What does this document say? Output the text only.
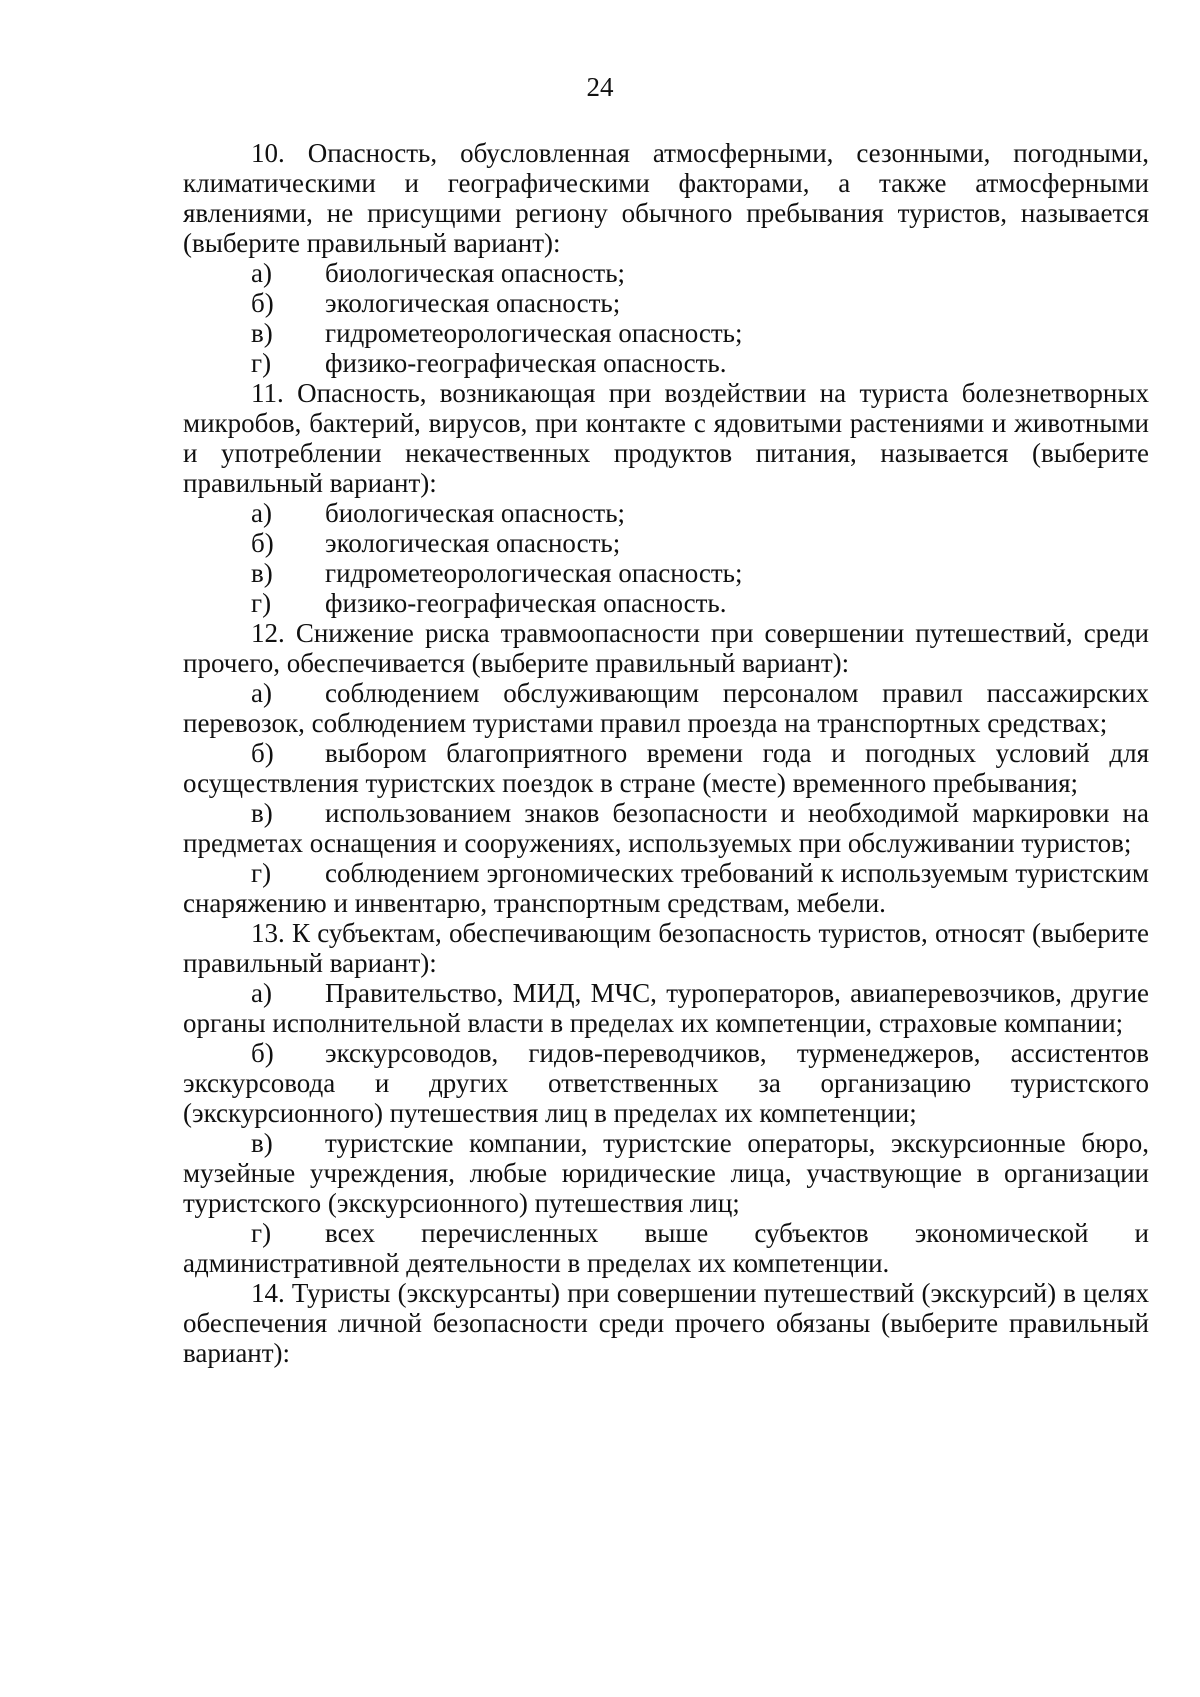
24

10. Опасность, обусловленная атмосферными, сезонными, погодными, климатическими и географическими факторами, а также атмосферными явлениями, не присущими региону обычного пребывания туристов, называется (выберите правильный вариант):

а) биологическая опасность;

б) экологическая опасность;

в) гидрометеорологическая опасность;

г) физико-географическая опасность.

11. Опасность, возникающая при воздействии на туриста болезнетворных микробов, бактерий, вирусов, при контакте с ядовитыми растениями и животными и употреблении некачественных продуктов питания, называется (выберите правильный вариант):

а) биологическая опасность;

б) экологическая опасность;

в) гидрометеорологическая опасность;

г) физико-географическая опасность.

12. Снижение риска травмоопасности при совершении путешествий, среди прочего, обеспечивается (выберите правильный вариант):

а) соблюдением обслуживающим персоналом правил пассажирских перевозок, соблюдением туристами правил проезда на транспортных средствах;

б) выбором благоприятного времени года и погодных условий для осуществления туристских поездок в стране (месте) временного пребывания;

в) использованием знаков безопасности и необходимой маркировки на предметах оснащения и сооружениях, используемых при обслуживании туристов;

г) соблюдением эргономических требований к используемым туристским снаряжению и инвентарю, транспортным средствам, мебели.

13. К субъектам, обеспечивающим безопасность туристов, относят (выберите правильный вариант):

а) Правительство, МИД, МЧС, туроператоров, авиаперевозчиков, другие органы исполнительной власти в пределах их компетенции, страховые компании;

б) экскурсоводов, гидов-переводчиков, турменеджеров, ассистентов экскурсовода и других ответственных за организацию туристского (экскурсионного) путешествия лиц в пределах их компетенции;

в) туристские компании, туристские операторы, экскурсионные бюро, музейные учреждения, любые юридические лица, участвующие в организации туристского (экскурсионного) путешествия лиц;

г) всех перечисленных выше субъектов экономической и административной деятельности в пределах их компетенции.

14. Туристы (экскурсанты) при совершении путешествий (экскурсий) в целях обеспечения личной безопасности среди прочего обязаны (выберите правильный вариант):
